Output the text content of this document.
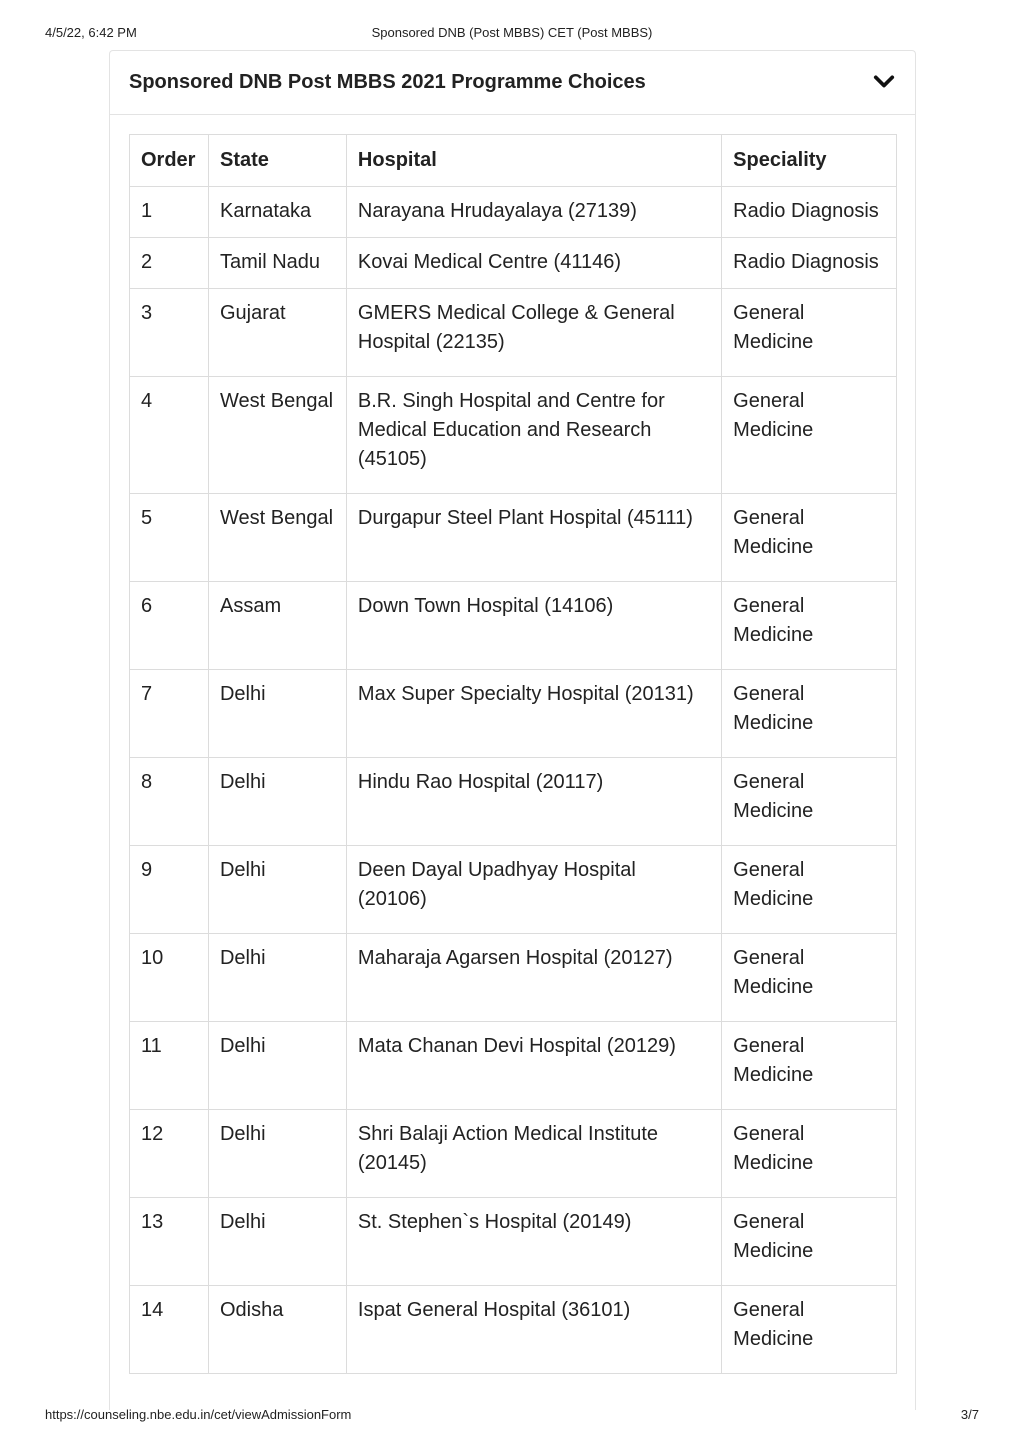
4/5/22, 6:42 PM	Sponsored DNB (Post MBBS) CET (Post MBBS)
Sponsored DNB Post MBBS 2021 Programme Choices
Order	State	Hospital	Speciality
1	Karnataka	Narayana Hrudayalaya (27139)	Radio Diagnosis
2	Tamil Nadu	Kovai Medical Centre (41146)	Radio Diagnosis
3	Gujarat	GMERS Medical College & General Hospital (22135)	General Medicine
4	West Bengal	B.R. Singh Hospital and Centre for Medical Education and Research (45105)	General Medicine
5	West Bengal	Durgapur Steel Plant Hospital (45111)	General Medicine
6	Assam	Down Town Hospital (14106)	General Medicine
7	Delhi	Max Super Specialty Hospital (20131)	General Medicine
8	Delhi	Hindu Rao Hospital (20117)	General Medicine
9	Delhi	Deen Dayal Upadhyay Hospital (20106)	General Medicine
10	Delhi	Maharaja Agarsen Hospital (20127)	General Medicine
11	Delhi	Mata Chanan Devi Hospital (20129)	General Medicine
12	Delhi	Shri Balaji Action Medical Institute (20145)	General Medicine
13	Delhi	St. Stephen`s Hospital (20149)	General Medicine
14	Odisha	Ispat General Hospital (36101)	General Medicine
https://counseling.nbe.edu.in/cet/viewAdmissionForm	3/7
